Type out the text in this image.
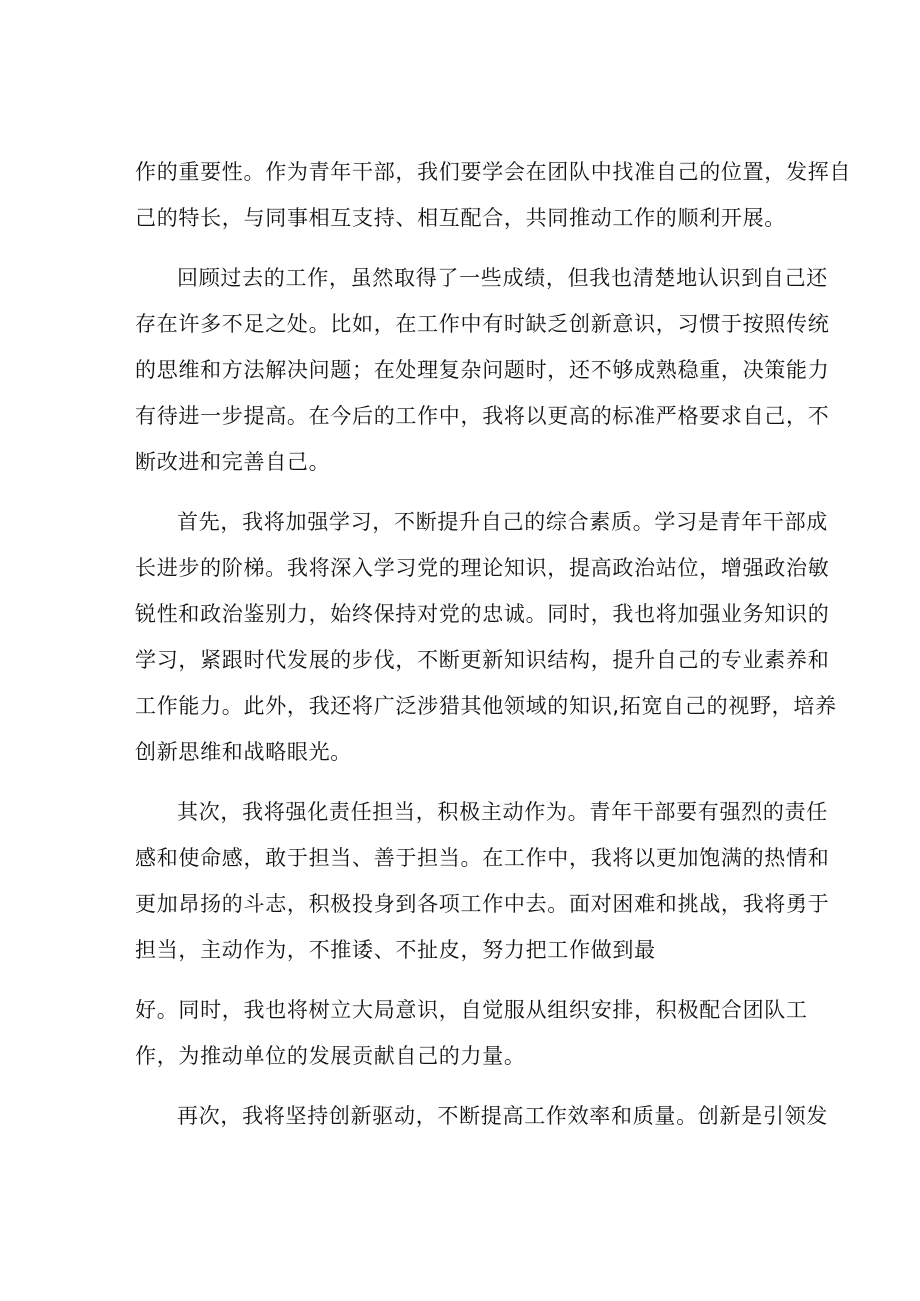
作的重要性。作为青年干部，我们要学会在团队中找准自己的位置，发挥自
己的特长，与同事相互支持、相互配合，共同推动工作的顺利开展。
回顾过去的工作，虽然取得了一些成绩，但我也清楚地认识到自己还
存在许多不足之处。比如，在工作中有时缺乏创新意识，习惯于按照传统
的思维和方法解决问题；在处理复杂问题时，还不够成熟稳重，决策能力
有待进一步提高。在今后的工作中，我将以更高的标准严格要求自己，不
断改进和完善自己。
首先，我将加强学习，不断提升自己的综合素质。学习是青年干部成
长进步的阶梯。我将深入学习党的理论知识，提高政治站位，增强政治敏
锐性和政治鉴别力，始终保持对党的忠诚。同时，我也将加强业务知识的
学习，紧跟时代发展的步伐，不断更新知识结构，提升自己的专业素养和
工作能力。此外，我还将广泛涉猎其他领域的知识,拓宽自己的视野，培养
创新思维和战略眼光。
其次，我将强化责任担当，积极主动作为。青年干部要有强烈的责任
感和使命感，敢于担当、善于担当。在工作中，我将以更加饱满的热情和
更加昂扬的斗志，积极投身到各项工作中去。面对困难和挑战，我将勇于
担当，主动作为，不推诿、不扯皮，努力把工作做到最
好。同时，我也将树立大局意识，自觉服从组织安排，积极配合团队工
作，为推动单位的发展贡献自己的力量。
再次，我将坚持创新驱动，不断提高工作效率和质量。创新是引领发
